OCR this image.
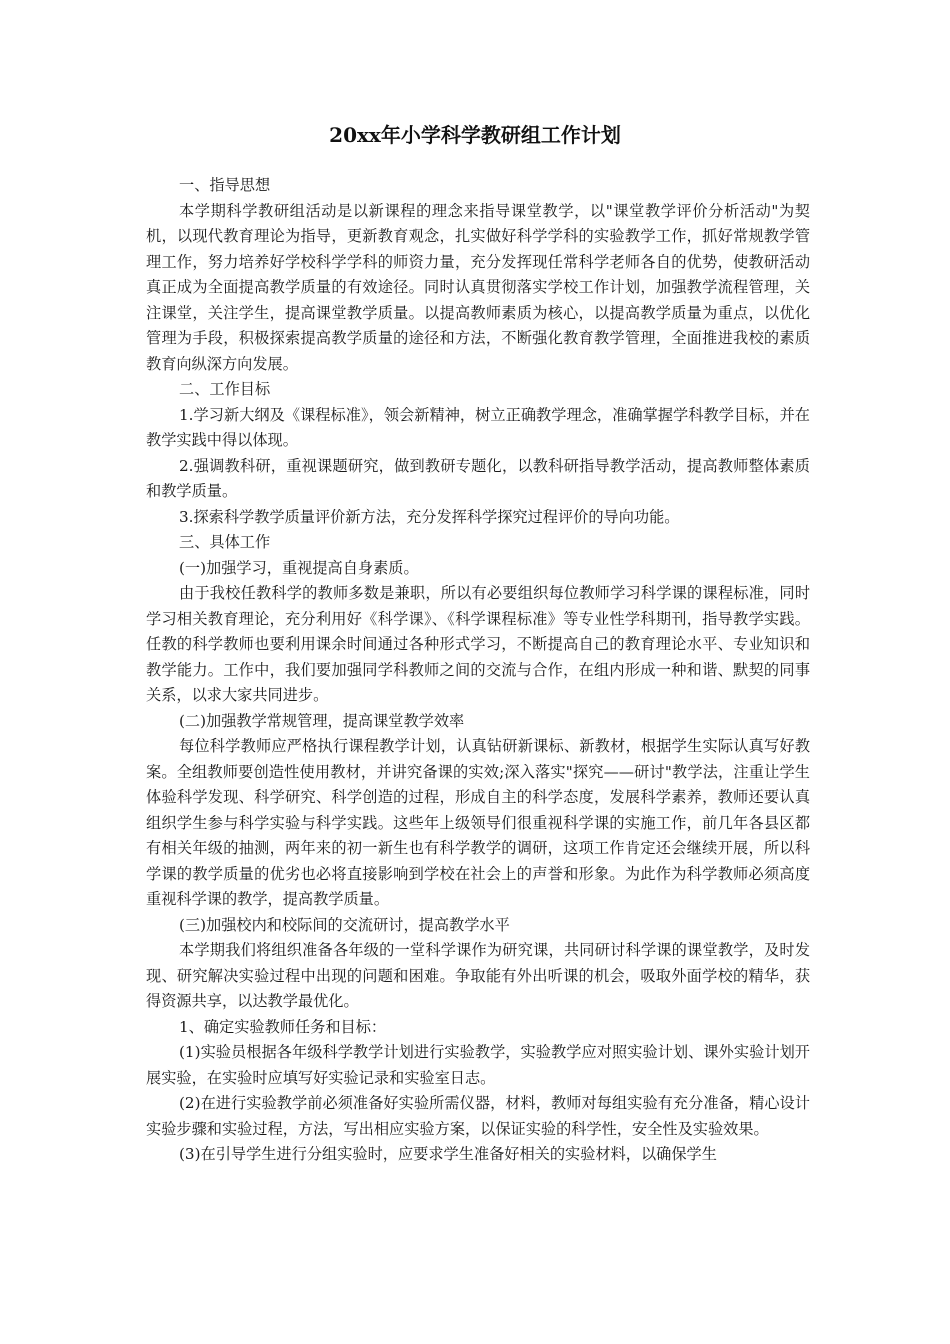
20xx年小学科学教研组工作计划

一、指导思想

本学期科学教研组活动是以新课程的理念来指导课堂教学，以"课堂教学评价分析活动"为契机，以现代教育理论为指导，更新教育观念，扎实做好科学学科的实验教学工作，抓好常规教学管理工作，努力培养好学校科学学科的师资力量，充分发挥现任常科学老师各自的优势，使教研活动真正成为全面提高教学质量的有效途径。同时认真贯彻落实学校工作计划，加强教学流程管理，关注课堂，关注学生，提高课堂教学质量。以提高教师素质为核心，以提高教学质量为重点，以优化管理为手段，积极探索提高教学质量的途径和方法，不断强化教育教学管理，全面推进我校的素质教育向纵深方向发展。

二、工作目标

1.学习新大纲及《课程标准》，领会新精神，树立正确教学理念，准确掌握学科教学目标，并在教学实践中得以体现。

2.强调教科研，重视课题研究，做到教研专题化，以教科研指导教学活动，提高教师整体素质和教学质量。

3.探索科学教学质量评价新方法，充分发挥科学探究过程评价的导向功能。

三、具体工作

(一)加强学习，重视提高自身素质。

由于我校任教科学的教师多数是兼职，所以有必要组织每位教师学习科学课的课程标准，同时学习相关教育理论，充分利用好《科学课》、《科学课程标准》等专业性学科期刊，指导教学实践。任教的科学教师也要利用课余时间通过各种形式学习，不断提高自己的教育理论水平、专业知识和教学能力。工作中，我们要加强同学科教师之间的交流与合作，在组内形成一种和谐、默契的同事关系，以求大家共同进步。

(二)加强教学常规管理，提高课堂教学效率

每位科学教师应严格执行课程教学计划，认真钻研新课标、新教材，根据学生实际认真写好教案。全组教师要创造性使用教材，并讲究备课的实效;深入落实"探究——研讨"教学法，注重让学生体验科学发现、科学研究、科学创造的过程，形成自主的科学态度，发展科学素养，教师还要认真组织学生参与科学实验与科学实践。这些年上级领导们很重视科学课的实施工作，前几年各县区都有相关年级的抽测，两年来的初一新生也有科学教学的调研，这项工作肯定还会继续开展，所以科学课的教学质量的优劣也必将直接影响到学校在社会上的声誉和形象。为此作为科学教师必须高度重视科学课的教学，提高教学质量。

(三)加强校内和校际间的交流研讨，提高教学水平

本学期我们将组织准备各年级的一堂科学课作为研究课，共同研讨科学课的课堂教学，及时发现、研究解决实验过程中出现的问题和困难。争取能有外出听课的机会，吸取外面学校的精华，获得资源共享，以达教学最优化。

1、确定实验教师任务和目标：

(1)实验员根据各年级科学教学计划进行实验教学，实验教学应对照实验计划、课外实验计划开展实验，在实验时应填写好实验记录和实验室日志。

(2)在进行实验教学前必须准备好实验所需仪器，材料，教师对每组实验有充分准备，精心设计实验步骤和实验过程，方法，写出相应实验方案，以保证实验的科学性，安全性及实验效果。

(3)在引导学生进行分组实验时，应要求学生准备好相关的实验材料，以确保学生
